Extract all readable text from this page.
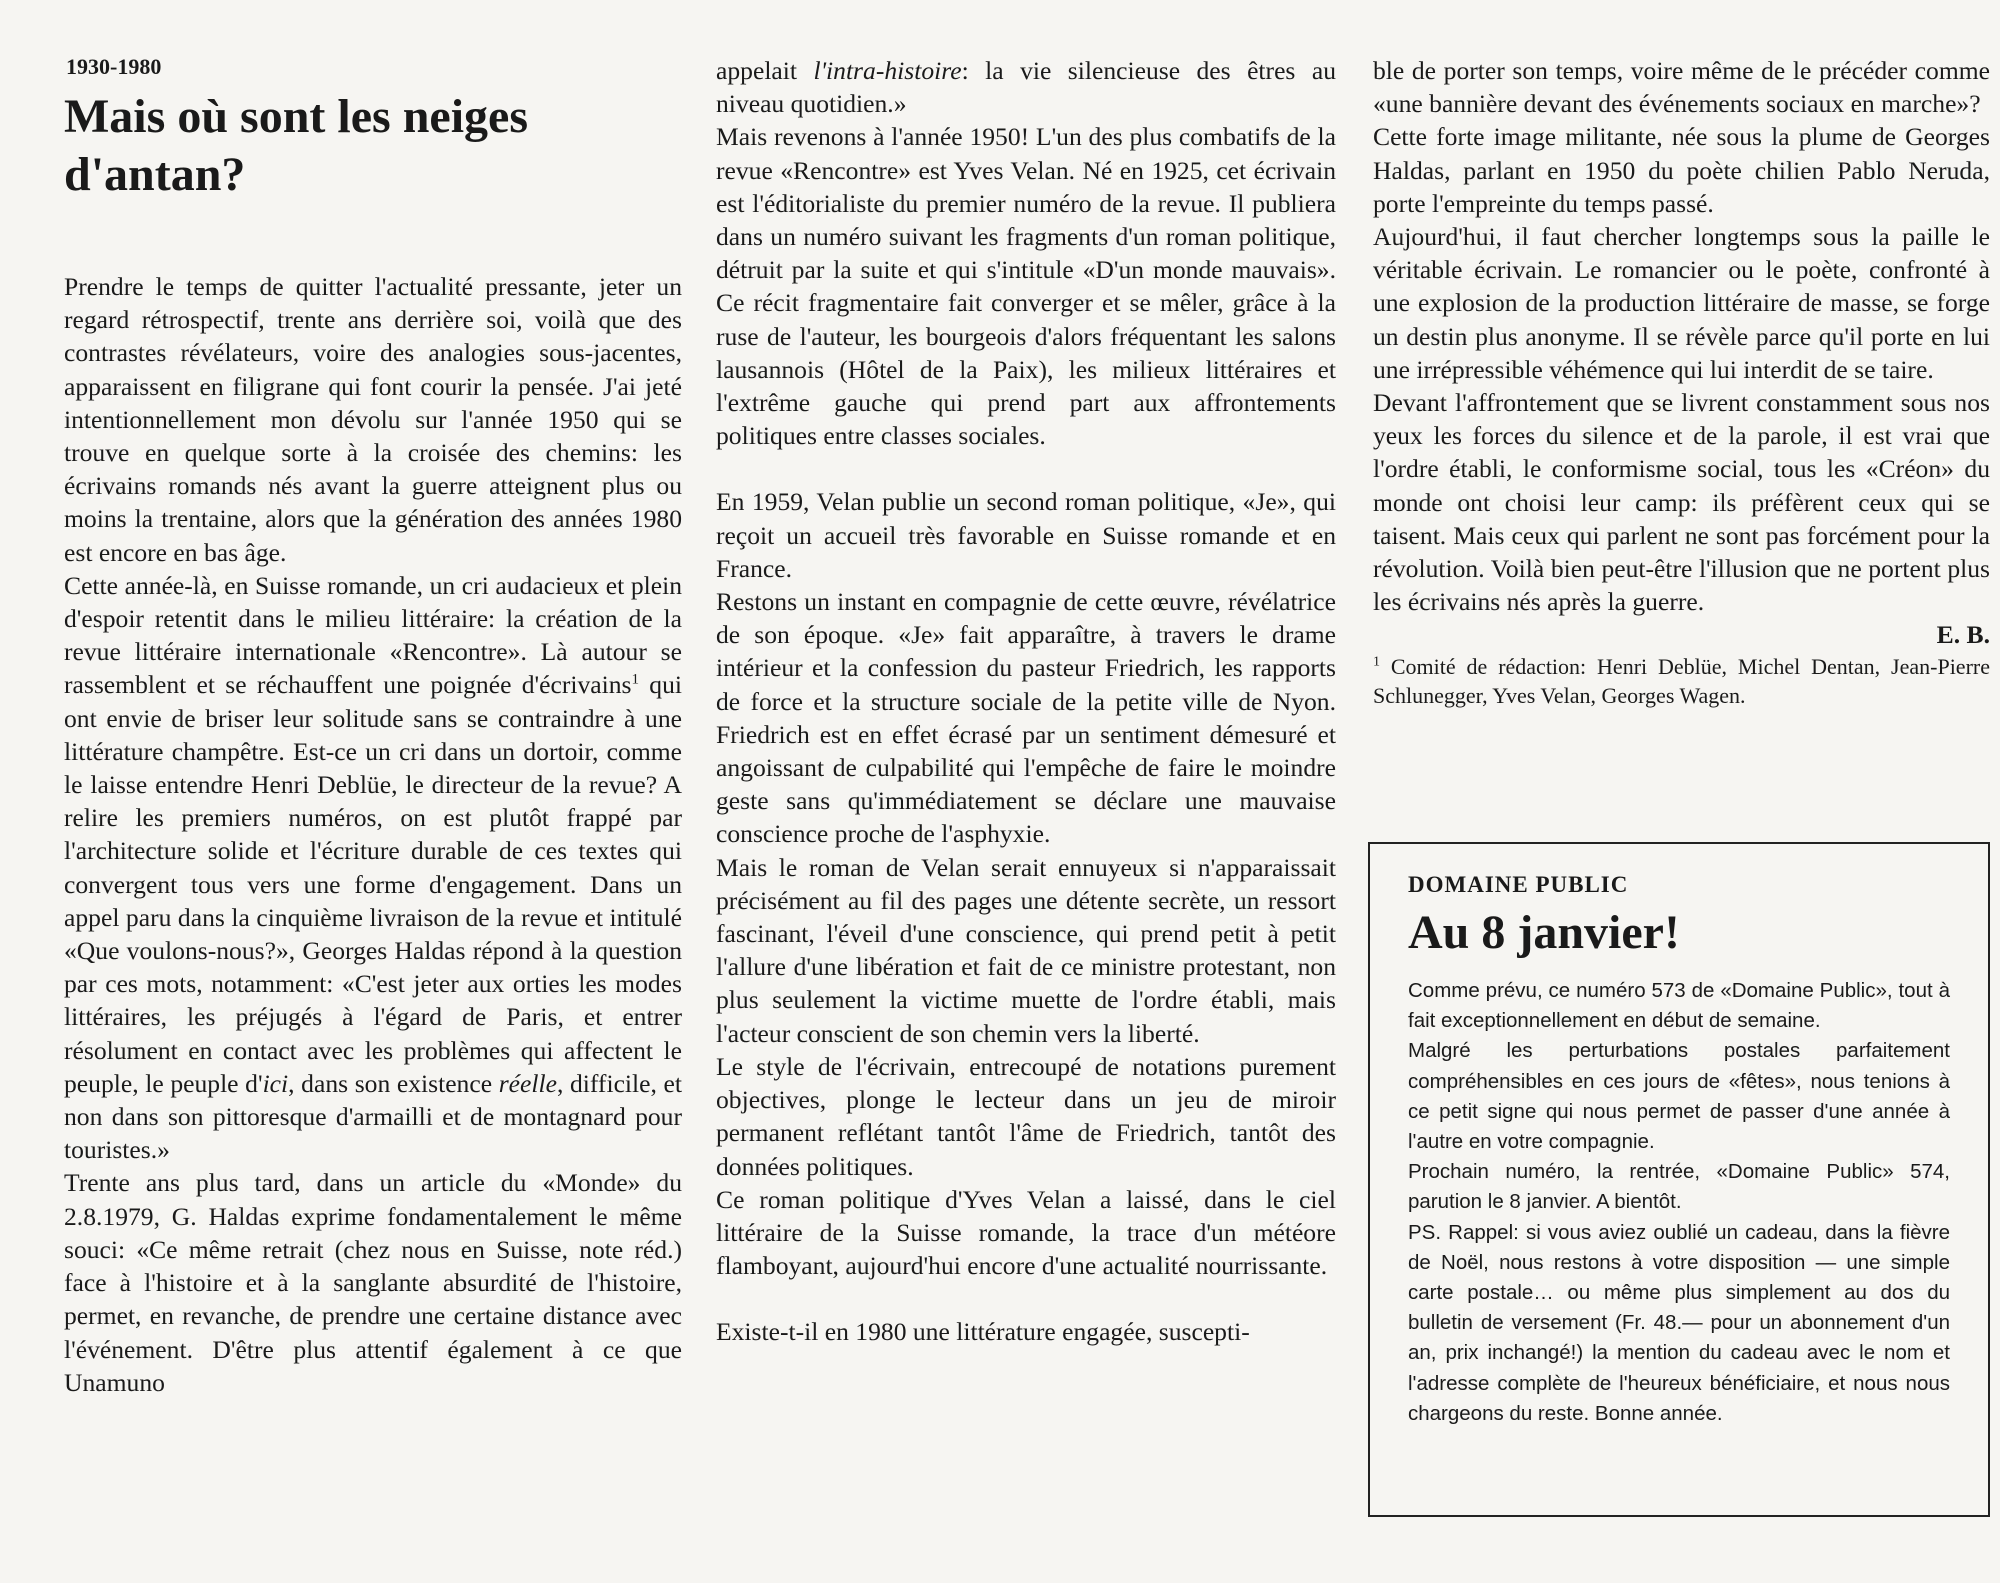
1930-1980
Mais où sont les neiges
d'antan?

Prendre le temps de quitter l'actualité pressante, jeter un regard rétrospectif, trente ans derrière soi, voilà que des contrastes révélateurs, voire des analogies sous-jacentes, apparaissent en filigrane qui font courir la pensée. J'ai jeté intentionnellement mon dévolu sur l'année 1950 qui se trouve en quelque sorte à la croisée des chemins: les écrivains romands nés avant la guerre atteignent plus ou moins la trentaine, alors que la génération des années 1980 est encore en bas âge.

Cette année-là, en Suisse romande, un cri audacieux et plein d'espoir retentit dans le milieu littéraire: la création de la revue littéraire internationale «Rencontre». Là autour se rassemblent et se réchauffent une poignée d'écrivains$^1$ qui ont envie de briser leur solitude sans se contraindre à une littérature champêtre. Est-ce un cri dans un dortoir, comme le laisse entendre Henri Deblüe, le directeur de la revue? A relire les premiers numéros, on est plutôt frappé par l'architecture solide et l'écriture durable de ces textes qui convergent tous vers une forme d'engagement. Dans un appel paru dans la cinquième livraison de la revue et intitulé «Que voulons-nous?», Georges Haldas répond à la question par ces mots, notamment: «C'est jeter aux orties les modes littéraires, les préjugés à l'égard de Paris, et entrer résolument en contact avec les problèmes qui affectent le peuple, le peuple d'ici, dans son existence réelle, difficile, et non dans son pittoresque d'armailli et de montagnard pour touristes.»

Trente ans plus tard, dans un article du «Monde» du 2.8.1979, G. Haldas exprime fondamentalement le même souci: «Ce même retrait (chez nous en Suisse, note réd.) face à l'histoire et à la sanglante absurdité de l'histoire, permet, en revanche, de prendre une certaine distance avec l'événement. D'être plus attentif également à ce que Unamuno

appelait l'intra-histoire: la vie silencieuse des êtres au niveau quotidien.»

Mais revenons à l'année 1950! L'un des plus combatifs de la revue «Rencontre» est Yves Velan. Né en 1925, cet écrivain est l'éditorialiste du premier numéro de la revue. Il publiera dans un numéro suivant les fragments d'un roman politique, détruit par la suite et qui s'intitule «D'un monde mauvais». Ce récit fragmentaire fait converger et se mêler, grâce à la ruse de l'auteur, les bourgeois d'alors fréquentant les salons lausannois (Hôtel de la Paix), les milieux littéraires et l'extrême gauche qui prend part aux affrontements politiques entre classes sociales.

En 1959, Velan publie un second roman politique, «Je», qui reçoit un accueil très favorable en Suisse romande et en France.

Restons un instant en compagnie de cette œuvre, révélatrice de son époque. «Je» fait apparaître, à travers le drame intérieur et la confession du pasteur Friedrich, les rapports de force et la structure sociale de la petite ville de Nyon. Friedrich est en effet écrasé par un sentiment démesuré et angoissant de culpabilité qui l'empêche de faire le moindre geste sans qu'immédiatement se déclare une mauvaise conscience proche de l'asphyxie.

Mais le roman de Velan serait ennuyeux si n'apparaissait précisément au fil des pages une détente secrète, un ressort fascinant, l'éveil d'une conscience, qui prend petit à petit l'allure d'une libération et fait de ce ministre protestant, non plus seulement la victime muette de l'ordre établi, mais l'acteur conscient de son chemin vers la liberté.

Le style de l'écrivain, entrecoupé de notations purement objectives, plonge le lecteur dans un jeu de miroir permanent reflétant tantôt l'âme de Friedrich, tantôt des données politiques.

Ce roman politique d'Yves Velan a laissé, dans le ciel littéraire de la Suisse romande, la trace d'un météore flamboyant, aujourd'hui encore d'une actualité nourrissante.

Existe-t-il en 1980 une littérature engagée, suscepti-

ble de porter son temps, voire même de le précéder comme «une bannière devant des événements sociaux en marche»?

Cette forte image militante, née sous la plume de Georges Haldas, parlant en 1950 du poète chilien Pablo Neruda, porte l'empreinte du temps passé.

Aujourd'hui, il faut chercher longtemps sous la paille le véritable écrivain. Le romancier ou le poète, confronté à une explosion de la production littéraire de masse, se forge un destin plus anonyme. Il se révèle parce qu'il porte en lui une irrépressible véhémence qui lui interdit de se taire.

Devant l'affrontement que se livrent constamment sous nos yeux les forces du silence et de la parole, il est vrai que l'ordre établi, le conformisme social, tous les «Créon» du monde ont choisi leur camp: ils préfèrent ceux qui se taisent. Mais ceux qui parlent ne sont pas forcément pour la révolution. Voilà bien peut-être l'illusion que ne portent plus les écrivains nés après la guerre.

E. B.

$^1$ Comité de rédaction: Henri Deblüe, Michel Dentan, Jean-Pierre Schlunegger, Yves Velan, Georges Wagen.

DOMAINE PUBLIC
Au 8 janvier!

Comme prévu, ce numéro 573 de «Domaine Public», tout à fait exceptionnellement en début de semaine.

Malgré les perturbations postales parfaitement compréhensibles en ces jours de «fêtes», nous tenions à ce petit signe qui nous permet de passer d'une année à l'autre en votre compagnie.

Prochain numéro, la rentrée, «Domaine Public» 574, parution le 8 janvier. A bientôt.

PS. Rappel: si vous aviez oublié un cadeau, dans la fièvre de Noël, nous restons à votre disposition — une simple carte postale… ou même plus simplement au dos du bulletin de versement (Fr. 48.— pour un abonnement d'un an, prix inchangé!) la mention du cadeau avec le nom et l'adresse complète de l'heureux bénéficiaire, et nous nous chargeons du reste. Bonne année.
